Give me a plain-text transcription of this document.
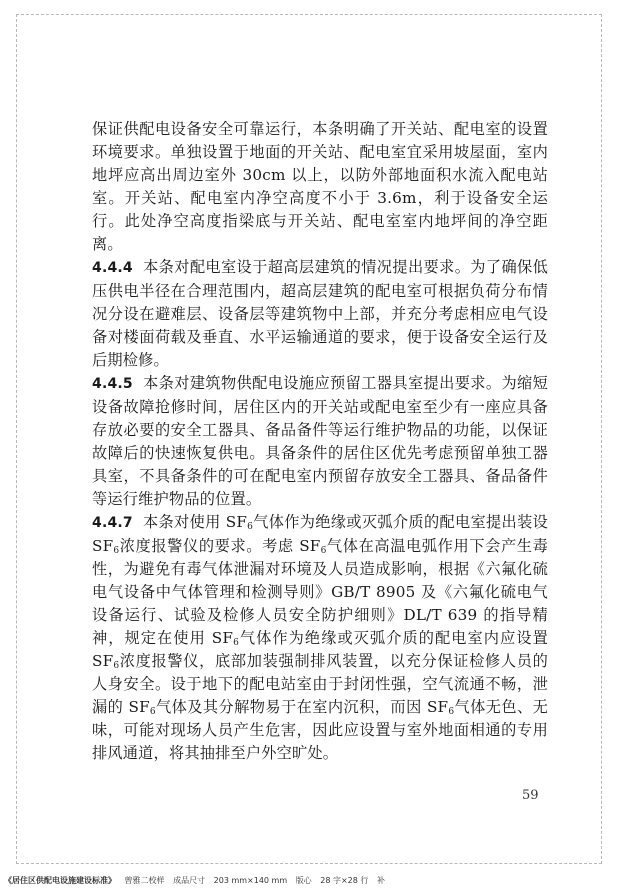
保证供配电设备安全可靠运行，本条明确了开关站、配电室的设置环境要求。单独设置于地面的开关站、配电室宜采用坡屋面，室内地坪应高出周边室外 30cm 以上，以防外部地面积水流入配电站室。开关站、配电室内净空高度不小于 3.6m，利于设备安全运行。此处净空高度指梁底与开关站、配电室室内地坪间的净空距离。

4.4.4 本条对配电室设于超高层建筑的情况提出要求。为了确保低压供电半径在合理范围内，超高层建筑的配电室可根据负荷分布情况分设在避难层、设备层等建筑物中上部，并充分考虑相应电气设备对楼面荷载及垂直、水平运输通道的要求，便于设备安全运行及后期检修。

4.4.5 本条对建筑物供配电设施应预留工器具室提出要求。为缩短设备故障抢修时间，居住区内的开关站或配电室至少有一座应具备存放必要的安全工器具、备品备件等运行维护物品的功能，以保证故障后的快速恢复供电。具备条件的居住区优先考虑预留单独工器具室，不具备条件的可在配电室内预留存放安全工器具、备品备件等运行维护物品的位置。

4.4.7 本条对使用 $SF_6$气体作为绝缘或灭弧介质的配电室提出装设 $SF_6$浓度报警仪的要求。考虑 $SF_6$气体在高温电弧作用下会产生毒性，为避免有毒气体泄漏对环境及人员造成影响，根据《六氟化硫电气设备中气体管理和检测导则》GB/T 8905 及《六氟化硫电气设备运行、试验及检修人员安全防护细则》DL/T 639 的指导精神，规定在使用 $SF_6$气体作为绝缘或灭弧介质的配电室内应设置 $SF_6$浓度报警仪，底部加装强制排风装置，以充分保证检修人员的人身安全。设于地下的配电站室由于封闭性强，空气流通不畅，泄漏的 $SF_6$气体及其分解物易于在室内沉积，而因 $SF_6$气体无色、无味，可能对现场人员产生危害，因此应设置与室外地面相通的专用排风通道，将其抽排至户外空旷处。

59
《居住区供配电设施建设标准》 曾雅二校样 成品尺寸 203 mm×140 mm 版心 28 字×28 行 补
